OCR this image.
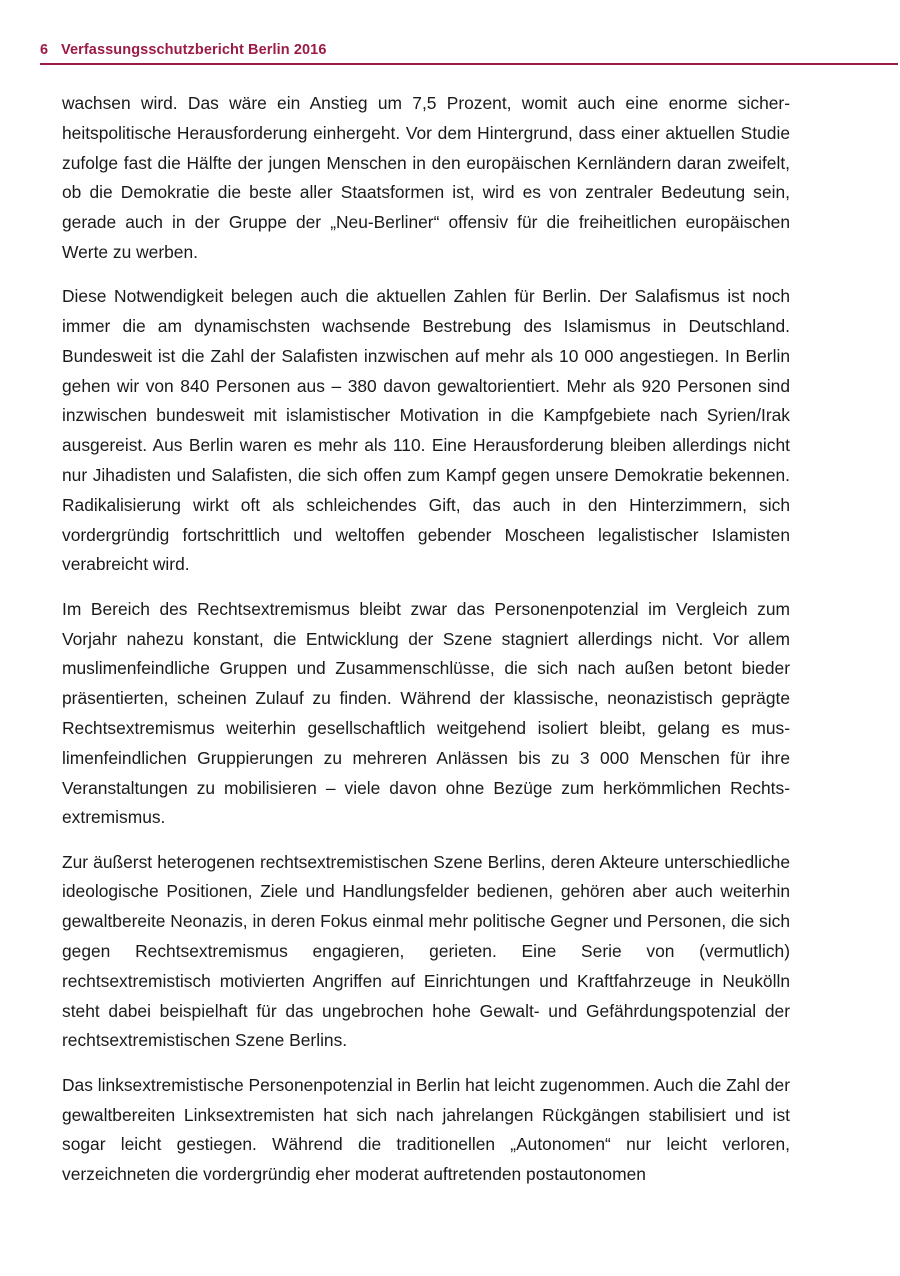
6 Verfassungsschutzbericht Berlin 2016

wachsen wird. Das wäre ein Anstieg um 7,5 Prozent, womit auch eine enorme sicherheitspolitische Herausforderung einhergeht. Vor dem Hintergrund, dass einer aktuellen Studie zufolge fast die Hälfte der jungen Menschen in den europäischen Kernländern daran zweifelt, ob die Demokratie die beste aller Staatsformen ist, wird es von zentraler Bedeutung sein, gerade auch in der Gruppe der „Neu-Berliner“ offensiv für die freiheitlichen europäischen Werte zu werben.

Diese Notwendigkeit belegen auch die aktuellen Zahlen für Berlin. Der Salafismus ist noch immer die am dynamischsten wachsende Bestrebung des Islamismus in Deutschland. Bundesweit ist die Zahl der Salafisten inzwischen auf mehr als 10 000 angestiegen. In Berlin gehen wir von 840 Personen aus – 380 davon gewaltorientiert. Mehr als 920 Personen sind inzwischen bundesweit mit islamistischer Motivation in die Kampfgebiete nach Syrien/Irak ausgereist. Aus Berlin waren es mehr als 110. Eine Herausforderung bleiben allerdings nicht nur Jihadisten und Salafisten, die sich offen zum Kampf gegen unsere Demokratie bekennen. Radikalisierung wirkt oft als schleichendes Gift, das auch in den Hinterzimmern, sich vordergründig fortschrittlich und weltoffen gebender Moscheen legalistischer Islamisten verabreicht wird.

Im Bereich des Rechtsextremismus bleibt zwar das Personenpotenzial im Vergleich zum Vorjahr nahezu konstant, die Entwicklung der Szene stagniert allerdings nicht. Vor allem muslimenfeindliche Gruppen und Zusammenschlüsse, die sich nach außen betont bieder präsentierten, scheinen Zulauf zu finden. Während der klassische, neonazistisch geprägte Rechtsextremismus weiterhin gesellschaftlich weitgehend isoliert bleibt, gelang es muslimenfeindlichen Gruppierungen zu mehreren Anlässen bis zu 3 000 Menschen für ihre Veranstaltungen zu mobilisieren – viele davon ohne Bezüge zum herkömmlichen Rechtsextremismus.

Zur äußerst heterogenen rechtsextremistischen Szene Berlins, deren Akteure unterschiedliche ideologische Positionen, Ziele und Handlungsfelder bedienen, gehören aber auch weiterhin gewaltbereite Neonazis, in deren Fokus einmal mehr politische Gegner und Personen, die sich gegen Rechtsextremismus engagieren, gerieten. Eine Serie von (vermutlich) rechtsextremistisch motivierten Angriffen auf Einrichtungen und Kraftfahrzeuge in Neukölln steht dabei beispielhaft für das ungebrochen hohe Gewalt- und Gefährdungspotenzial der rechtsextremistischen Szene Berlins.

Das linksextremistische Personenpotenzial in Berlin hat leicht zugenommen. Auch die Zahl der gewaltbereiten Linksextremisten hat sich nach jahrelangen Rückgängen stabilisiert und ist sogar leicht gestiegen. Während die traditionellen „Autonomen“ nur leicht verloren, verzeichneten die vordergründig eher moderat auftretenden postautonomen
